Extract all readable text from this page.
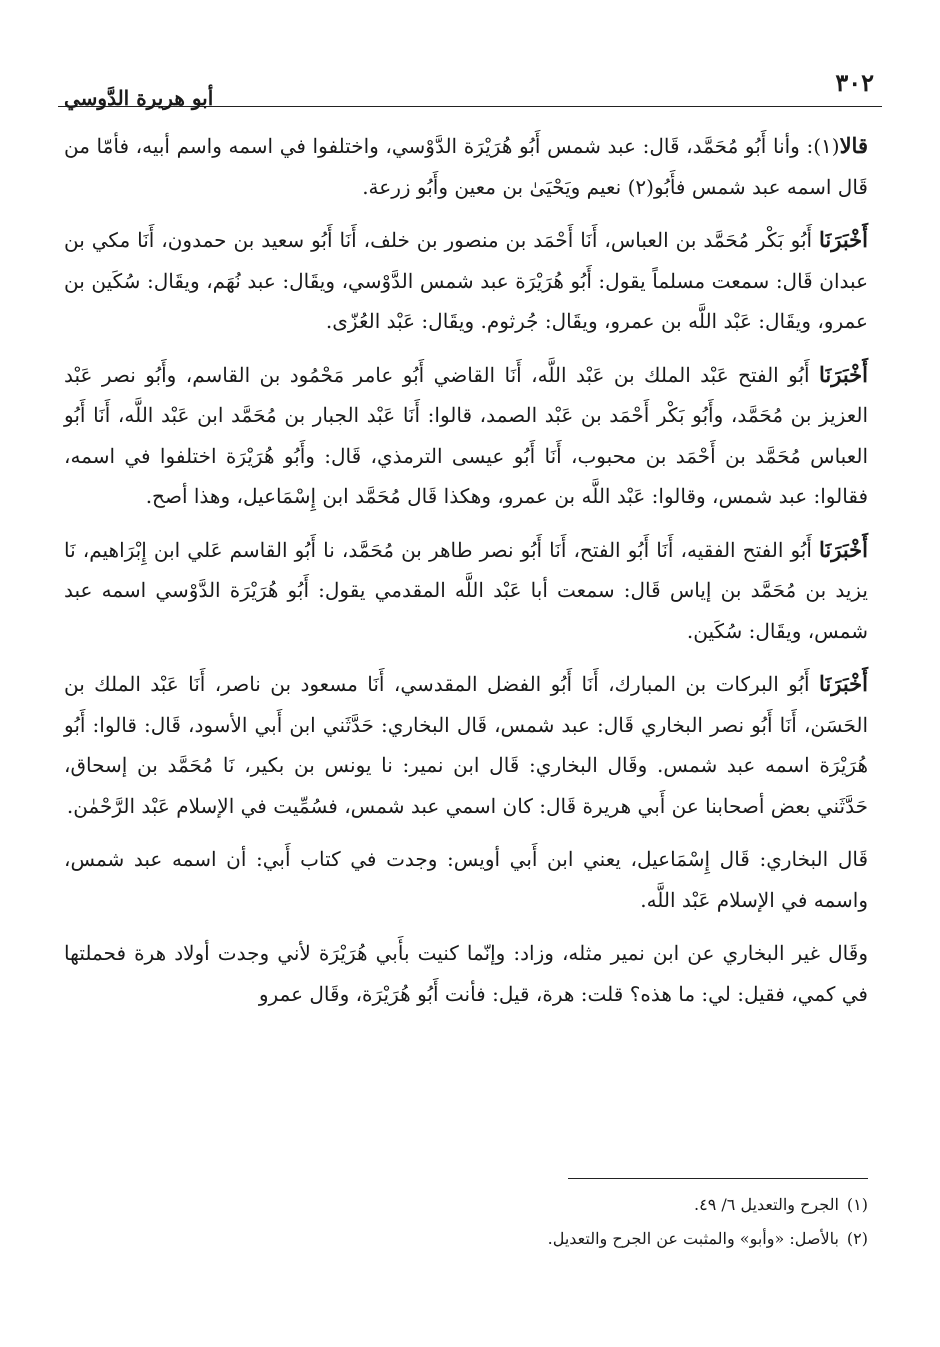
٣٠٢
أبو هريرة الدَّوسي

قالا(١): وأنا أَبُو مُحَمَّد، قَال: عبد شمس أَبُو هُرَيْرَة الدَّوْسي، واختلفوا في اسمه واسم أبيه، فأمّا من قَال اسمه عبد شمس فأَبُو(٢) نعيم ويَحْيَىٰ بن معين وأَبُو زرعة.

أَخْبَرَنَا أَبُو بَكْر مُحَمَّد بن العباس، أَنَا أَحْمَد بن منصور بن خلف، أَنَا أَبُو سعيد بن حمدون، أَنَا مكي بن عبدان قَال: سمعت مسلماً يقول: أَبُو هُرَيْرَة عبد شمس الدَّوْسي، ويقَال: عبد نُهَم، ويقَال: سُكَين بن عمرو، ويقَال: عَبْد اللَّه بن عمرو، ويقَال: جُرثوم. ويقَال: عَبْد العُزّى.

أَخْبَرَنَا أَبُو الفتح عَبْد الملك بن عَبْد اللَّه، أَنَا القاضي أَبُو عامر مَحْمُود بن القاسم، وأَبُو نصر عَبْد العزيز بن مُحَمَّد، وأَبُو بَكْر أَحْمَد بن عَبْد الصمد، قالوا: أَنَا عَبْد الجبار بن مُحَمَّد ابن عَبْد اللَّه، أَنَا أَبُو العباس مُحَمَّد بن أَحْمَد بن محبوب، أَنَا أَبُو عيسى الترمذي، قَال: وأَبُو هُرَيْرَة اختلفوا في اسمه، فقالوا: عبد شمس، وقالوا: عَبْد اللَّه بن عمرو، وهكذا قَال مُحَمَّد ابن إِسْمَاعيل، وهذا أصح.

أَخْبَرَنَا أَبُو الفتح الفقيه، أَنَا أَبُو الفتح، أَنَا أَبُو نصر طاهر بن مُحَمَّد، نا أَبُو القاسم عَلي ابن إِبْرَاهيم، نَا يزيد بن مُحَمَّد بن إياس قَال: سمعت أبا عَبْد اللَّه المقدمي يقول: أَبُو هُرَيْرَة الدَّوْسي اسمه عبد شمس، ويقَال: سُكَين.

أَخْبَرَنَا أَبُو البركات بن المبارك، أَنَا أَبُو الفضل المقدسي، أَنَا مسعود بن ناصر، أَنَا عَبْد الملك بن الحَسَن، أَنَا أَبُو نصر البخاري قَال: عبد شمس، قَال البخاري: حَدَّثَني ابن أَبي الأسود، قَال: قالوا: أَبُو هُرَيْرَة اسمه عبد شمس. وقَال البخاري: قَال ابن نمير: نا يونس بن بكير، نَا مُحَمَّد بن إسحاق، حَدَّثَني بعض أصحابنا عن أَبي هريرة قَال: كان اسمي عبد شمس، فسُمِّيت في الإسلام عَبْد الرَّحْمٰن.

قَال البخاري: قَال إِسْمَاعيل، يعني ابن أَبي أويس: وجدت في كتاب أَبي: أن اسمه عبد شمس، واسمه في الإسلام عَبْد اللَّه.

وقَال غير البخاري عن ابن نمير مثله، وزاد: وإنّما كنيت بأَبي هُرَيْرَة لأني وجدت أولاد هرة فحملتها في كمي، فقيل: لي: ما هذه؟ قلت: هرة، قيل: فأنت أَبُو هُرَيْرَة، وقَال عمرو

(١)الجرح والتعديل ٦/ ٤٩.

(٢)بالأصل: «وأبو» والمثبت عن الجرح والتعديل.
